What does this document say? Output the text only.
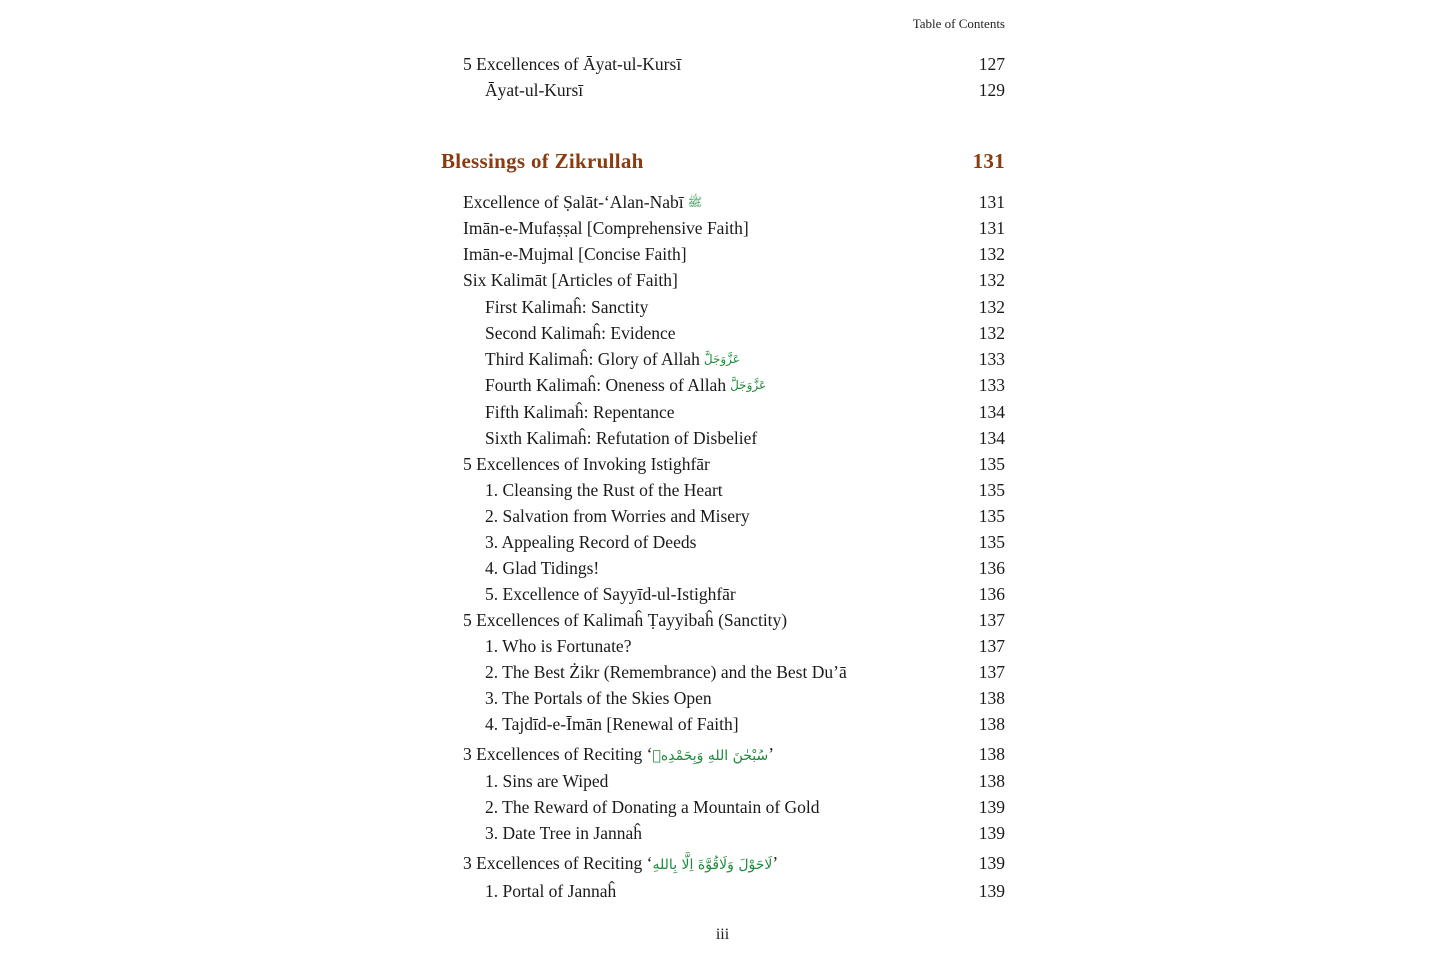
Table of Contents
5 Excellences of Āyat-ul-Kursī	127
Āyat-ul-Kursī	129
Blessings of Zikrullah	131
Excellence of Ṣalāt-‘Alan-Nabī ﷺ	131
Imān-e-Mufaṣṣal [Comprehensive Faith]	131
Imān-e-Mujmal [Concise Faith]	132
Six Kalimāt [Articles of Faith]	132
First Kalimaĥ: Sanctity	132
Second Kalimaĥ: Evidence	132
Third Kalimaĥ: Glory of Allah عَزَّوَجَلَّ	133
Fourth Kalimaĥ: Oneness of Allah عَزَّوَجَلَّ	133
Fifth Kalimaĥ: Repentance	134
Sixth Kalimaĥ: Refutation of Disbelief	134
5 Excellences of Invoking Istighfār	135
1. Cleansing the Rust of the Heart	135
2. Salvation from Worries and Misery	135
3. Appealing Record of Deeds	135
4. Glad Tidings!	136
5. Excellence of Sayyīd-ul-Istighfār	136
5 Excellences of Kalimaĥ Ṭayyibaĥ (Sanctity)	137
1. Who is Fortunate?	137
2. The Best Żikr (Remembrance) and the Best Du’ā	137
3. The Portals of the Skies Open	138
4. Tajdīd-e-Īmān [Renewal of Faith]	138
3 Excellences of Reciting ‘سُبْحٰنَ اللهِ وَبِحَمْدِهٖ’	138
1. Sins are Wiped	138
2. The Reward of Donating a Mountain of Gold	139
3. Date Tree in Jannaĥ	139
3 Excellences of Reciting ‘لَاحَوْلَ وَلَاقُوَّةَ اِلَّا بِاللهِ’	139
1. Portal of Jannaĥ	139
iii
